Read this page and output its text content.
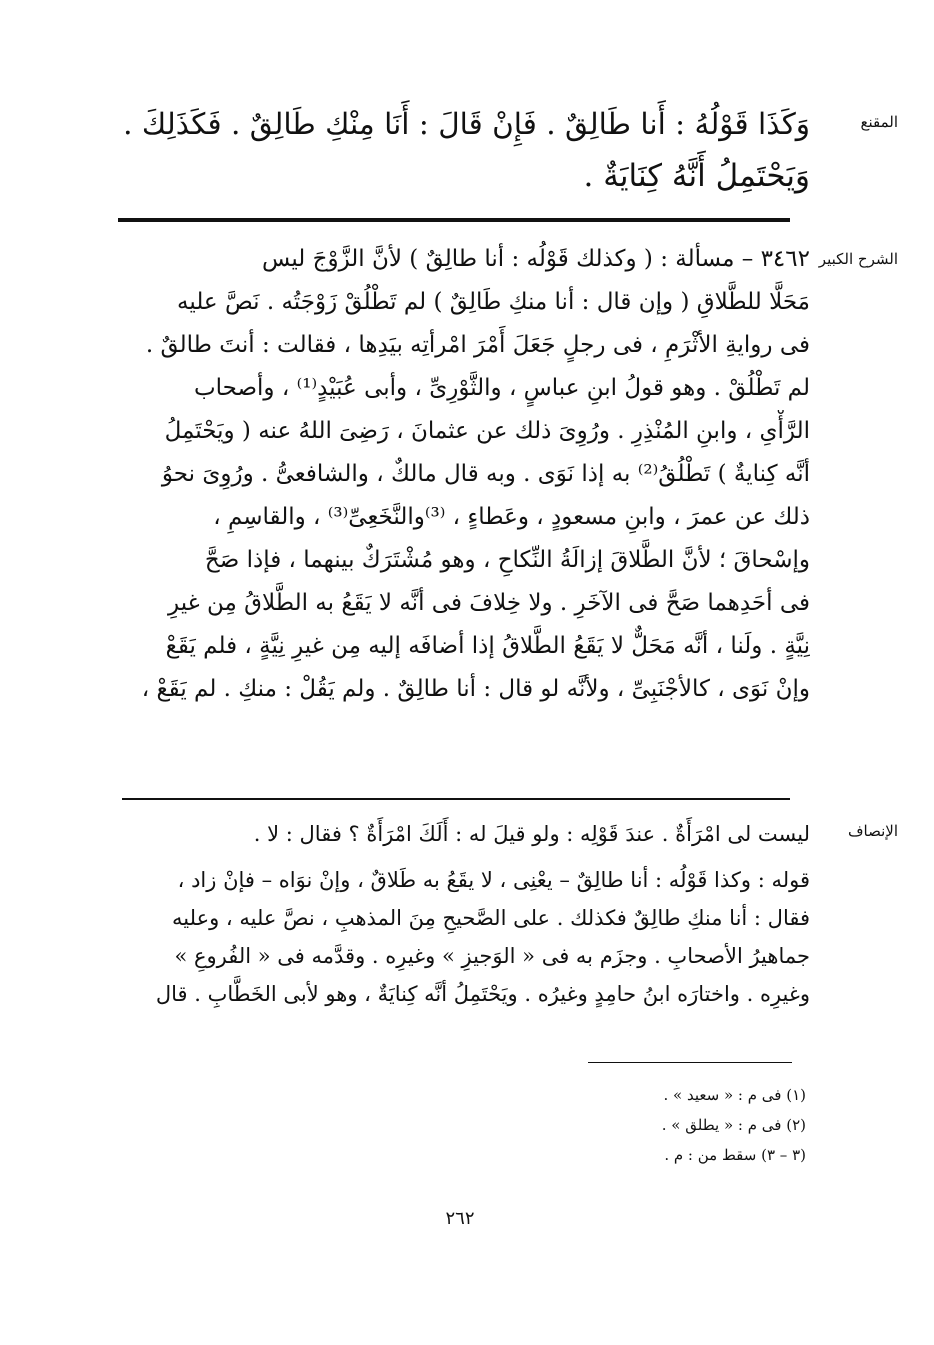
المقنع
الشرح الكبير
الإنصاف
وَكَذَا قَوْلُهُ : أَنا طَالِقٌ . فَإِنْ قَالَ : أَنَا مِنْكِ طَالِقٌ . فَكَذَلِكَ .
وَيَحْتَمِلُ أَنَّهُ كِنَايَةٌ .
٣٤٦٢ – مسألة : ( وكذلك قَوْلُه : أنا طالِقٌ ) لأنَّ الزَّوْجَ ليس
مَحَلًّا للطَّلاقِ ( وإن قال : أنا منكِ طَالِقٌ ) لم تَطْلُقْ زَوْجَتُه . نَصَّ عليه
فى روايةِ الأثْرَمِ ، فى رجلٍ جَعَلَ أَمْرَ امْرأتِه بيَدِها ، فقالت : أنتَ طالقٌ .
لم تَطْلُقْ . وهو قولُ ابنِ عباسٍ ، والثَّوْرِىِّ ، وأبى عُبَيْدٍ⁽¹⁾ ، وأصحاب
الرَّأْىِ ، وابنِ المُنْذِرِ . ورُوِىَ ذلك عن عثمانَ ، رَضِىَ اللهُ عنه ( ويَحْتَمِلُ
أنَّه كِنايةٌ ) تَطْلُقُ⁽²⁾ به إذا نَوَى . وبه قال مالكٌ ، والشافعىُّ . ورُوِىَ نحوُ
ذلك عن عمرَ ، وابنِ مسعودٍ ، وعَطاءٍ ، ⁽³⁾والنَّخَعِىِّ⁽³⁾ ، والقاسِمِ ،
وإسْحاقَ ؛ لأنَّ الطَّلاقَ إزالَةُ النِّكاحِ ، وهو مُشْتَرَكٌ بينهما ، فإذا صَحَّ
فى أحَدِهما صَحَّ فى الآخَرِ . ولا خِلافَ فى أنَّه لا يَقَعُ به الطَّلاقُ مِن غيرِ
نِيَّةٍ . ولَنا ، أنَّه مَحَلٌّ لا يَقَعُ الطَّلاقُ إذا أضافَه إليه مِن غيرِ نِيَّةٍ ، فلم يَقَعْ
وإنْ نَوَى ، كالأجْنَبِىِّ ، ولأنَّه لو قال : أنا طالِقٌ . ولم يَقُلْ : منكِ . لم يَقَعْ ،
ليست لى امْرَأَةٌ . عندَ قَوْلِه : ولو قيلَ له : أَلَكَ امْرَأَةٌ ؟ فقال : لا .
قوله : وكذا قَوْلُه : أنا طالِقٌ – يعْنِى ، لا يقَعُ به طَلاقٌ ، وإنْ نوَاه – فإنْ زاد ،
فقال : أنا منكِ طالِقٌ فكذلك . على الصَّحيحِ مِنَ المذهبِ ، نصَّ عليه ، وعليه
جماهيرُ الأصحابِ . وجزَم به فى « الوَجيزِ » وغيرِه . وقدَّمه فى « الفُروعِ »
وغيرِه . واختارَه ابنُ حامِدٍ وغيرُه . ويَحْتَمِلُ أنَّه كِنايَةٌ ، وهو لأبى الخَطَّابِ . قال
(١) فى م : « سعيد » .
(٢) فى م : « يطلق » .
(٣ – ٣) سقط من : م .
٢٦٢
